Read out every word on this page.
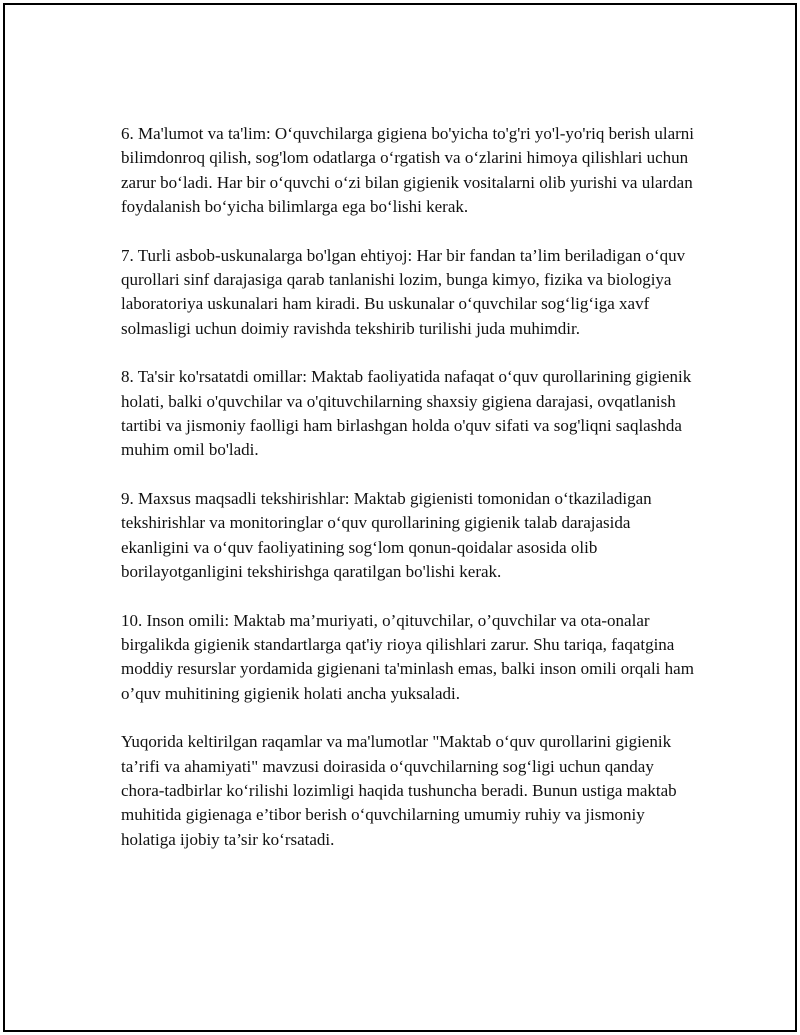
6. Ma'lumot va ta'lim: O‘quvchilarga gigiena bo'yicha to'g'ri yo'l-yo'riq berish ularni bilimdonroq qilish, sog'lom odatlarga o‘rgatish va o‘zlarini himoya qilishlari uchun zarur bo‘ladi. Har bir o‘quvchi o‘zi bilan gigienik vositalarni olib yurishi va ulardan foydalanish bo‘yicha bilimlarga ega bo‘lishi kerak.

7. Turli asbob-uskunalarga bo'lgan ehtiyoj: Har bir fandan ta’lim beriladigan o‘quv qurollari sinf darajasiga qarab tanlanishi lozim, bunga kimyo, fizika va biologiya laboratoriya uskunalari ham kiradi. Bu uskunalar o‘quvchilar sog‘lig‘iga xavf solmasligi uchun doimiy ravishda tekshirib turilishi juda muhimdir.

8. Ta'sir ko'rsatatdi omillar: Maktab faoliyatida nafaqat o‘quv qurollarining gigienik holati, balki o'quvchilar va o'qituvchilarning shaxsiy gigiena darajasi, ovqatlanish tartibi va jismoniy faolligi ham birlashgan holda o'quv sifati va sog'liqni saqlashda muhim omil bo'ladi.

9. Maxsus maqsadli tekshirishlar: Maktab gigienisti tomonidan o‘tkaziladigan tekshirishlar va monitoringlar o‘quv qurollarining gigienik talab darajasida ekanligini va o‘quv faoliyatining sog‘lom qonun-qoidalar asosida olib borilayotganligini tekshirishga qaratilgan bo'lishi kerak.

10. Inson omili: Maktab ma’muriyati, o’qituvchilar, o’quvchilar va ota-onalar birgalikda gigienik standartlarga qat'iy rioya qilishlari zarur. Shu tariqa, faqatgina moddiy resurslar yordamida gigienani ta'minlash emas, balki inson omili orqali ham o’quv muhitining gigienik holati ancha yuksaladi.

Yuqorida keltirilgan raqamlar va ma'lumotlar "Maktab o‘quv qurollarini gigienik ta’rifi va ahamiyati" mavzusi doirasida o‘quvchilarning sog‘ligi uchun qanday chora-tadbirlar ko‘rilishi lozimligi haqida tushuncha beradi. Bunun ustiga maktab muhitida gigienaga e’tibor berish o‘quvchilarning umumiy ruhiy va jismoniy holatiga ijobiy ta’sir ko‘rsatadi.
